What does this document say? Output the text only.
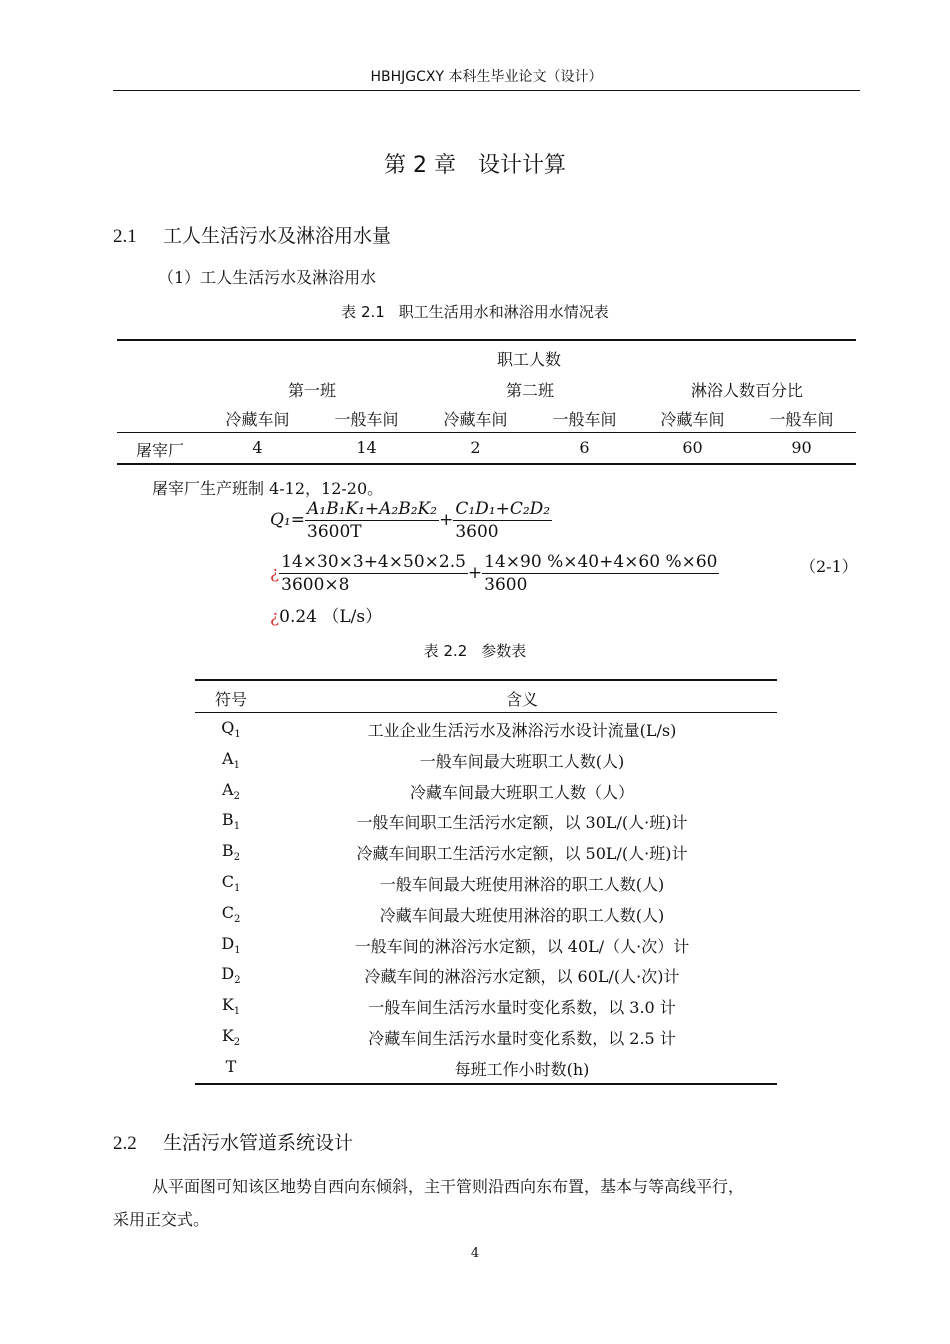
HBHJGCXY 本科生毕业论文（设计）
第 2 章 设计计算
2.1 工人生活污水及淋浴用水量
（1）工人生活污水及淋浴用水
表 2.1 职工生活用水和淋浴用水情况表
职工人数
第一班	第二班	淋浴人数百分比
冷藏车间	一般车间	冷藏车间	一般车间	冷藏车间	一般车间
屠宰厂	4	14	2	6	60	90
屠宰厂生产班制 4-12，12-20。
$Q_1= \frac{\text{A₁B₁K₁+A₂B₂K₂}}{3600T} + \frac{\text{C₁D₁+C₂D₂}}{3600}$
¿ $\frac{14\times 30\times 3+4\times 50\times 2.5}{3600\times 8} + \frac{14\times 90 \%\times 40+4\times 60 \%\times 60}{3600}$	（2-1）
¿0.24 （L/s）
表 2.2 参数表
符号	含义
$Q_1$	工业企业生活污水及淋浴污水设计流量(L/s)
$A_1$	一般车间最大班职工人数(人)
$A_2$	冷藏车间最大班职工人数（人）
$B_1$	一般车间职工生活污水定额，以 30L/(人·班)计
$B_2$	冷藏车间职工生活污水定额，以 50L/(人·班)计
$C_1$	一般车间最大班使用淋浴的职工人数(人)
$C_2$	冷藏车间最大班使用淋浴的职工人数(人)
$D_1$	一般车间的淋浴污水定额，以 40L/（人·次）计
$D_2$	冷藏车间的淋浴污水定额，以 60L/(人·次)计
$K_1$	一般车间生活污水量时变化系数，以 3.0 计
$K_2$	冷藏车间生活污水量时变化系数，以 2.5 计
T	每班工作小时数(h)
2.2 生活污水管道系统设计
从平面图可知该区地势自西向东倾斜，主干管则沿西向东布置，基本与等高线平行，
采用正交式。
4
